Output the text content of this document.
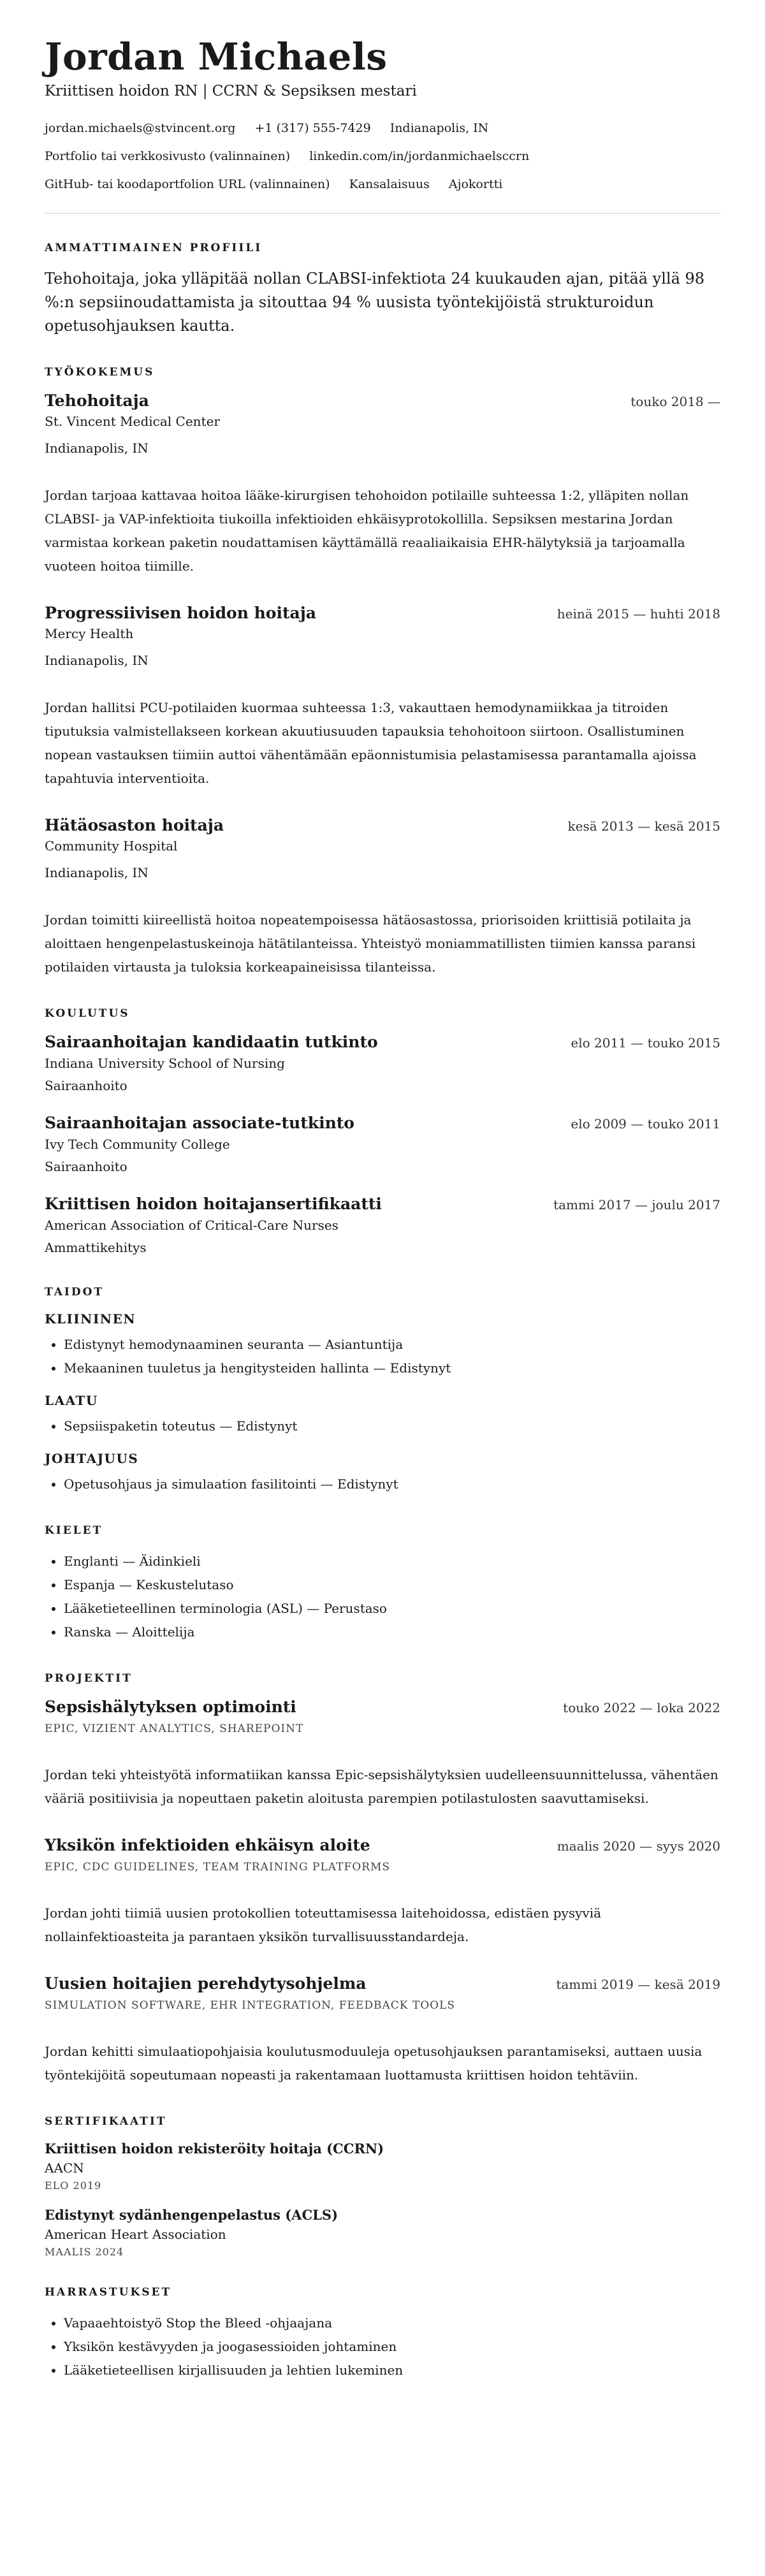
Jordan Michaels
Kriittisen hoidon RN | CCRN & Sepsiksen mestari
jordan.michaels@stvincent.org +1 (317) 555-7429 Indianapolis, IN
Portfolio tai verkkosivusto (valinnainen) linkedin.com/in/jordanmichaelsccrn
GitHub- tai koodaportfolion URL (valinnainen) Kansalaisuus Ajokortti
AMMATTIMAINEN PROFIILI

Tehohoitaja, joka ylläpitää nollan CLABSI-infektiota 24 kuukauden ajan, pitää yllä 98 %:n sepsiinoudattamista ja sitouttaa 94 % uusista työntekijöistä strukturoidun opetusohjauksen kautta.

TYÖKOKEMUS
Tehohoitaja	touko 2018 —
St. Vincent Medical Center
Indianapolis, IN
Jordan tarjoaa kattavaa hoitoa lääke-kirurgisen tehohoidon potilaille suhteessa 1:2, ylläpiten nollan CLABSI- ja VAP-infektioita tiukoilla infektioiden ehkäisyprotokollilla. Sepsiksen mestarina Jordan varmistaa korkean paketin noudattamisen käyttämällä reaaliaikaisia EHR-hälytyksiä ja tarjoamalla vuoteen hoitoa tiimille.
Progressiivisen hoidon hoitaja	heinä 2015 — huhti 2018
Mercy Health
Indianapolis, IN
Jordan hallitsi PCU-potilaiden kuormaa suhteessa 1:3, vakauttaen hemodynamiikkaa ja titroiden tiputuksia valmistellakseen korkean akuutiusuuden tapauksia tehohoitoon siirtoon. Osallistuminen nopean vastauksen tiimiin auttoi vähentämään epäonnistumisia pelastamisessa parantamalla ajoissa tapahtuvia interventioita.
Hätäosaston hoitaja	kesä 2013 — kesä 2015
Community Hospital
Indianapolis, IN
Jordan toimitti kiireellistä hoitoa nopeatempoisessa hätäosastossa, priorisoiden kriittisiä potilaita ja aloittaen hengenpelastuskeinoja hätätilanteissa. Yhteistyö moniammatillisten tiimien kanssa paransi potilaiden virtausta ja tuloksia korkeapaineisissa tilanteissa.
KOULUTUS
Sairaanhoitajan kandidaatin tutkinto	elo 2011 — touko 2015
Indiana University School of Nursing
Sairaanhoito
Sairaanhoitajan associate-tutkinto	elo 2009 — touko 2011
Ivy Tech Community College
Sairaanhoito
Kriittisen hoidon hoitajansertifikaatti	tammi 2017 — joulu 2017
American Association of Critical-Care Nurses
Ammattikehitys
TAIDOT
KLIININEN
• Edistynyt hemodynaaminen seuranta — Asiantuntija
• Mekaaninen tuuletus ja hengitysteiden hallinta — Edistynyt
LAATU
• Sepsiispaketin toteutus — Edistynyt
JOHTAJUUS
• Opetusohjaus ja simulaation fasilitointi — Edistynyt
KIELET
• Englanti — Äidinkieli
• Espanja — Keskustelutaso
• Lääketieteellinen terminologia (ASL) — Perustaso
• Ranska — Aloittelija
PROJEKTIT
Sepsishälytyksen optimointi	touko 2022 — loka 2022
EPIC, VIZIENT ANALYTICS, SHAREPOINT
Jordan teki yhteistyötä informatiikan kanssa Epic-sepsishälytyksien uudelleensuunnittelussa, vähentäen vääriä positiivisia ja nopeuttaen paketin aloitusta parempien potilastulosten saavuttamiseksi.
Yksikön infektioiden ehkäisyn aloite	maalis 2020 — syys 2020
EPIC, CDC GUIDELINES, TEAM TRAINING PLATFORMS
Jordan johti tiimiä uusien protokollien toteuttamisessa laitehoidossa, edistäen pysyviä nollainfektioasteita ja parantaen yksikön turvallisuusstandardeja.
Uusien hoitajien perehdytysohjelma	tammi 2019 — kesä 2019
SIMULATION SOFTWARE, EHR INTEGRATION, FEEDBACK TOOLS
Jordan kehitti simulaatiopohjaisia koulutusmoduuleja opetusohjauksen parantamiseksi, auttaen uusia työntekijöitä sopeutumaan nopeasti ja rakentamaan luottamusta kriittisen hoidon tehtäviin.
SERTIFIKAATIT
Kriittisen hoidon rekisteröity hoitaja (CCRN)
AACN
ELO 2019
Edistynyt sydänhengenpelastus (ACLS)
American Heart Association
MAALIS 2024
HARRASTUKSET
• Vapaaehtoistyö Stop the Bleed -ohjaajana
• Yksikön kestävyyden ja joogasessioiden johtaminen
• Lääketieteellisen kirjallisuuden ja lehtien lukeminen
